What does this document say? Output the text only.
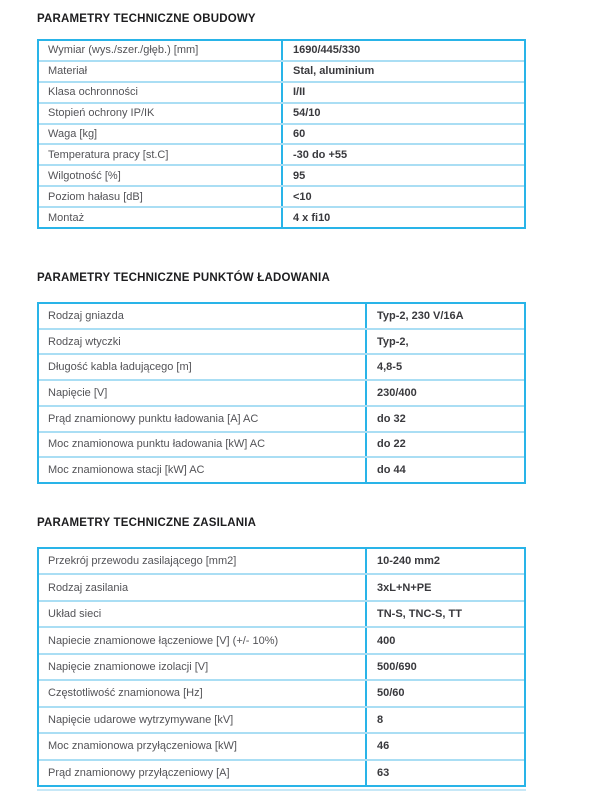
PARAMETRY TECHNICZNE OBUDOWY
Wymiar (wys./szer./głęb.) [mm]	1690/445/330
Materiał	Stal, aluminium
Klasa ochronności	I/II
Stopień ochrony IP/IK	54/10
Waga [kg]	60
Temperatura pracy [st.C]	-30 do +55
Wilgotność [%]	95
Poziom hałasu [dB]	<10
Montaż	4 x fi10
PARAMETRY TECHNICZNE PUNKTÓW ŁADOWANIA
Rodzaj gniazda	Typ-2, 230 V/16A
Rodzaj wtyczki	Typ-2,
Długość kabla ładującego [m]	4,8-5
Napięcie [V]	230/400
Prąd znamionowy punktu ładowania [A] AC	do 32
Moc znamionowa punktu ładowania [kW] AC	do 22
Moc znamionowa stacji [kW] AC	do 44
PARAMETRY TECHNICZNE ZASILANIA
Przekrój przewodu zasilającego [mm2]	10-240 mm2
Rodzaj zasilania	3xL+N+PE
Układ sieci	TN-S, TNC-S, TT
Napiecie znamionowe łączeniowe [V] (+/- 10%)	400
Napięcie znamionowe izolacji [V]	500/690
Częstotliwość znamionowa [Hz]	50/60
Napięcie udarowe wytrzymywane [kV]	8
Moc znamionowa przyłączeniowa [kW]	46
Prąd znamionowy przyłączeniowy [A]	63
